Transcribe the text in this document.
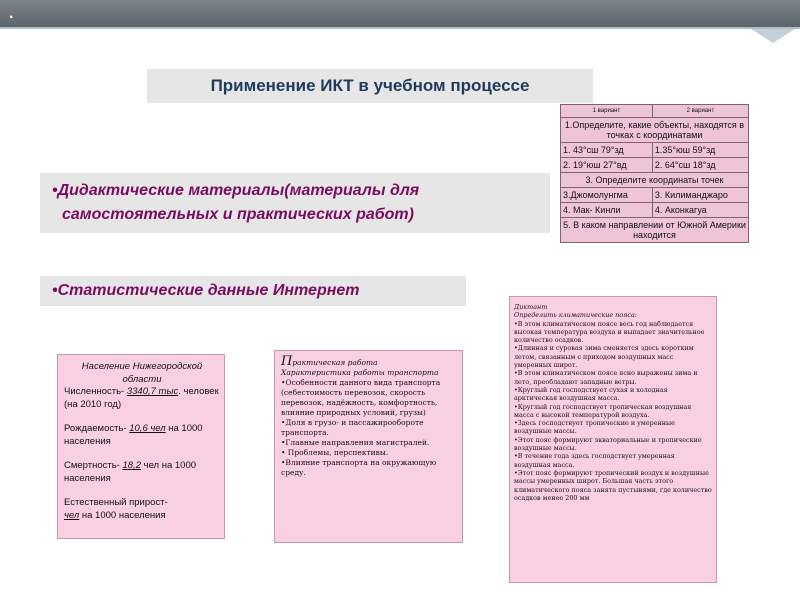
.
Применение ИКТ в учебном процессе
•Дидактические материалы(материалы для
самостоятельных и практических работ)
•Статистические данные Интернет
1 вариант	2 вариант
1.Определите, какие объекты, находятся в точках с координатами	
1. 43°сш 79°зд	1.35°юш 59°зд
2. 19°юш 27°вд	2. 64°сш 18°зд
3. Определите координаты точек	
3.Джомолунгма	3. Килиманджаро
4. Мак- Кинли	4. Аконкагуа
5. В каком направлении от Южной Америки находится	

Население Нижегородской области

Численность- 3340,7 тыс. человек (на 2010 год)

Рождаемость- 10,6 чел на 1000 населения

Смертность- 18,2 чел на 1000 населения

Естественный прирост-
чел на 1000 населения

Практическая работа
Характеристика работы транспорта
•Особенности данного вида транспорта (себестоимость перевозок, скорость перевозок, надёжность, комфортность, влияние природных условий, грузы)
•Доля в грузо- и пассажирообороте транспорта.
•Главные направления магистралей.
• Проблемы, перспективы.
•Влияние транспорта на окружающую среду.
Диктант
Определить климатические пояса:
•В этом климатическом поясе весь год наблюдается высокая температура воздуха и выпадает значительное количество осадков.
•Длинная и суровая зима сменяется здесь коротким летом, связанным с приходом воздушных масс умеренных широт.
•В этом климатическом поясе ясно выражены зима и лето, преобладают западные ветры.
•Круглый год господствует сухая и холодная арктическая воздушная масса.
•Круглый год господствует тропическая воздушная масса с высокой температурой воздуха.
•Здесь господствует тропические и умеренные воздушные массы.
•Этот пояс формируют экваториальные и тропические воздушные массы.
•В течение года здесь господствует умеренная воздушная масса.
•Этот пояс формируют тропический воздух и воздушные массы умеренных широт. Большая часть этого климатического пояса занята пустынями, где количество осадков менее 200 мм
